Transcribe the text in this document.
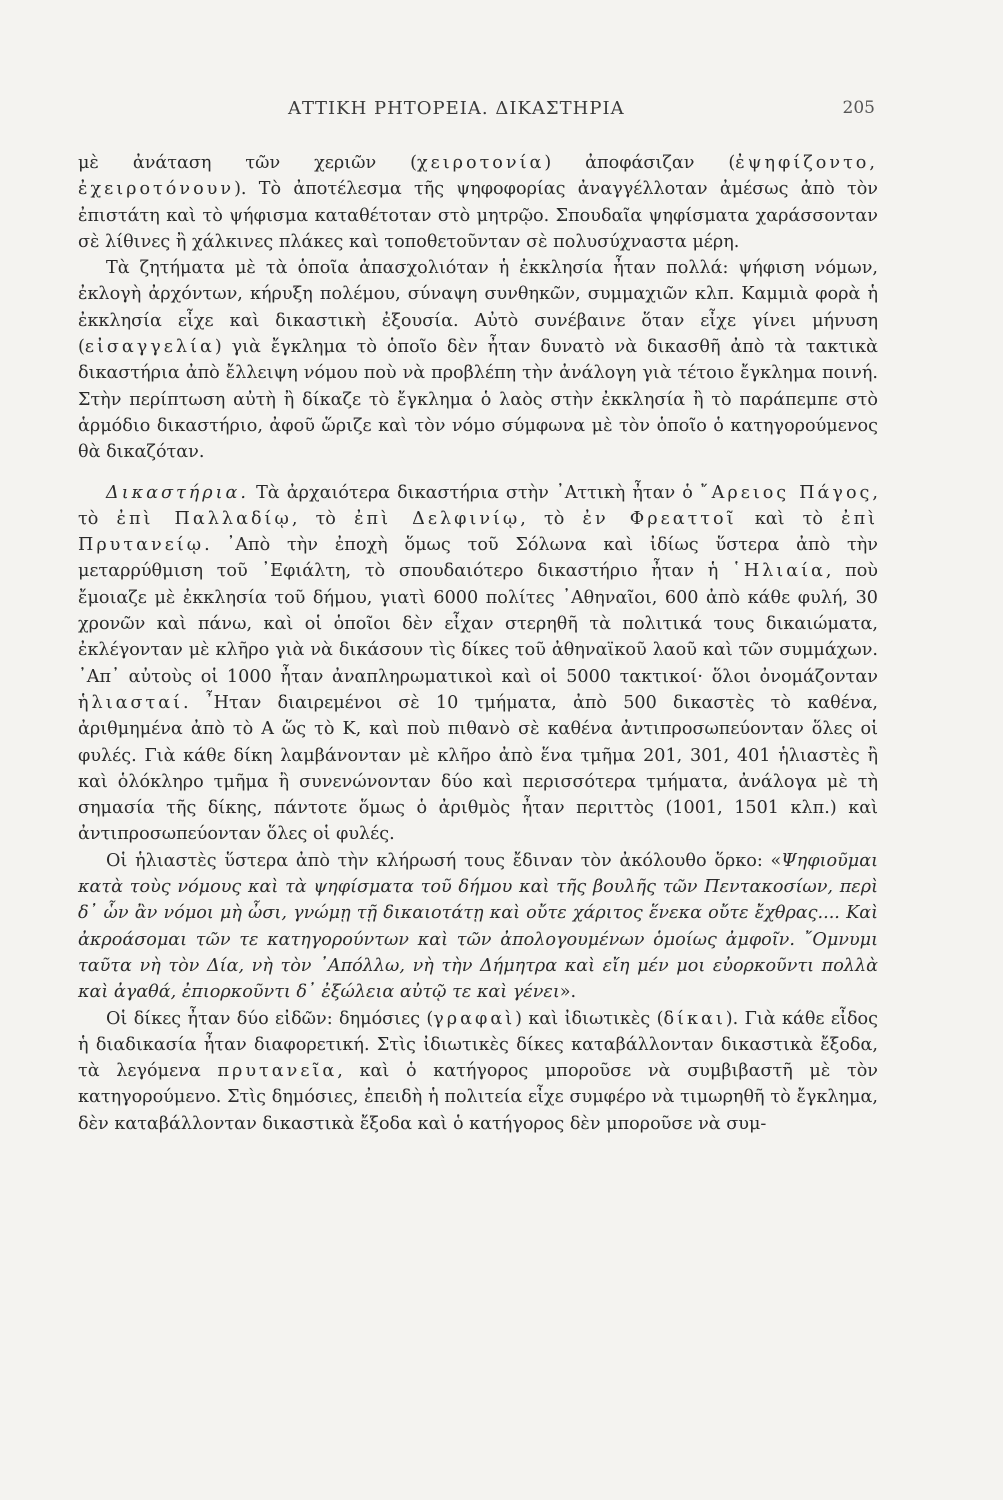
ΑΤΤΙΚΗ ΡΗΤΟΡΕΙΑ. ΔΙΚΑΣΤΗΡΙΑ	205

μὲ ἀνάταση τῶν χεριῶν (χειροτονία) ἀποφάσιζαν (ἐψηφίζοντο, ἐχειροτόνουν). Τὸ ἀποτέλεσμα τῆς ψηφοφορίας ἀναγγέλλοταν ἀμέσως ἀπὸ τὸν ἐπιστάτη καὶ τὸ ψήφισμα καταθέτοταν στὸ μητρῷο. Σπουδαῖα ψηφίσματα χαράσσονταν σὲ λίθινες ἢ χάλκινες πλάκες καὶ τοποθετοῦνταν σὲ πολυσύχναστα μέρη.

Τὰ ζητήματα μὲ τὰ ὁποῖα ἀπασχολιόταν ἡ ἐκκλησία ἦταν πολλά: ψήφιση νόμων, ἐκλογὴ ἀρχόντων, κήρυξη πολέμου, σύναψη συνθηκῶν, συμμαχιῶν κλπ. Καμμιὰ φορὰ ἡ ἐκκλησία εἶχε καὶ δικαστικὴ ἐξουσία. Αὐτὸ συνέβαινε ὅταν εἶχε γίνει μήνυση (εἰσαγγελία) γιὰ ἔγκλημα τὸ ὁποῖο δὲν ἦταν δυνατὸ νὰ δικασθῆ ἀπὸ τὰ τακτικὰ δικαστήρια ἀπὸ ἔλλειψη νόμου ποὺ νὰ προβλέπη τὴν ἀνάλογη γιὰ τέτοιο ἔγκλημα ποινή. Στὴν περίπτωση αὐτὴ ἢ δίκαζε τὸ ἔγκλημα ὁ λαὸς στὴν ἐκκλησία ἢ τὸ παράπεμπε στὸ ἁρμόδιο δικαστήριο, ἀφοῦ ὥριζε καὶ τὸν νόμο σύμφωνα μὲ τὸν ὁποῖο ὁ κατηγορούμενος θὰ δικαζόταν.

Δικαστήρια. Τὰ ἀρχαιότερα δικαστήρια στὴν ᾽Αττικὴ ἦταν ὁ ῎Αρειος Πάγος, τὸ ἐπὶ Παλλαδίῳ, τὸ ἐπὶ Δελφινίῳ, τὸ ἐν Φρεαττοῖ καὶ τὸ ἐπὶ Πρυτανείῳ. ᾽Απὸ τὴν ἐποχὴ ὅμως τοῦ Σόλωνα καὶ ἰδίως ὕστερα ἀπὸ τὴν μεταρρύθμιση τοῦ ᾽Εφιάλτη, τὸ σπουδαιότερο δικαστήριο ἦταν ἡ ῾Ηλιαία, ποὺ ἔμοιαζε μὲ ἐκκλησία τοῦ δήμου, γιατὶ 6000 πολίτες ᾽Αθηναῖοι, 600 ἀπὸ κάθε φυλή, 30 χρονῶν καὶ πάνω, καὶ οἱ ὁποῖοι δὲν εἶχαν στερηθῆ τὰ πολιτικά τους δικαιώματα, ἐκλέγονταν μὲ κλῆρο γιὰ νὰ δικάσουν τὶς δίκες τοῦ ἀθηναϊκοῦ λαοῦ καὶ τῶν συμμάχων. ᾽Απ᾽ αὐτοὺς οἱ 1000 ἦταν ἀναπληρωματικοὶ καὶ οἱ 5000 τακτικοί· ὅλοι ὀνομάζονταν ἡλιασταί. ῏Ηταν διαιρεμένοι σὲ 10 τμήματα, ἀπὸ 500 δικαστὲς τὸ καθένα, ἀριθμημένα ἀπὸ τὸ Α ὥς τὸ Κ, καὶ ποὺ πιθανὸ σὲ καθένα ἀντιπροσωπεύονταν ὅλες οἱ φυλές. Γιὰ κάθε δίκη λαμβάνονταν μὲ κλῆρο ἀπὸ ἕνα τμῆμα 201, 301, 401 ἡλιαστὲς ἢ καὶ ὁλόκληρο τμῆμα ἢ συνενώνονταν δύο καὶ περισσότερα τμήματα, ἀνάλογα μὲ τὴ σημασία τῆς δίκης, πάντοτε ὅμως ὁ ἀριθμὸς ἦταν περιττὸς (1001, 1501 κλπ.) καὶ ἀντιπροσωπεύονταν ὅλες οἱ φυλές.

Οἱ ἡλιαστὲς ὕστερα ἀπὸ τὴν κλήρωσή τους ἔδιναν τὸν ἀκόλουθο ὅρκο: «Ψηφιοῦμαι κατὰ τοὺς νόμους καὶ τὰ ψηφίσματα τοῦ δήμου καὶ τῆς βουλῆς τῶν Πεντακοσίων, περὶ δ᾽ ὧν ἂν νόμοι μὴ ὦσι, γνώμῃ τῇ δικαιοτάτῃ καὶ οὔτε χάριτος ἕνεκα οὔτε ἔχθρας.... Καὶ ἀκροάσομαι τῶν τε κατηγορούντων καὶ τῶν ἀπολογουμένων ὁμοίως ἀμφοῖν. ῎Ομνυμι ταῦτα νὴ τὸν Δία, νὴ τὸν ᾽Απόλλω, νὴ τὴν Δήμητρα καὶ εἴη μέν μοι εὐορκοῦντι πολλὰ καὶ ἀγαθά, ἐπιορκοῦντι δ᾽ ἐξώλεια αὐτῷ τε καὶ γένει».

Οἱ δίκες ἦταν δύο εἰδῶν: δημόσιες (γραφαὶ) καὶ ἰδιωτικὲς (δίκαι). Γιὰ κάθε εἶδος ἡ διαδικασία ἦταν διαφορετική. Στὶς ἰδιωτικὲς δίκες καταβάλλονταν δικαστικὰ ἔξοδα, τὰ λεγόμενα πρυτανεῖα, καὶ ὁ κατήγορος μποροῦσε νὰ συμβιβαστῆ μὲ τὸν κατηγορούμενο. Στὶς δημόσιες, ἐπειδὴ ἡ πολιτεία εἶχε συμφέρο νὰ τιμωρηθῆ τὸ ἔγκλημα, δὲν καταβάλλονταν δικαστικὰ ἔξοδα καὶ ὁ κατήγορος δὲν μποροῦσε νὰ συμ-
